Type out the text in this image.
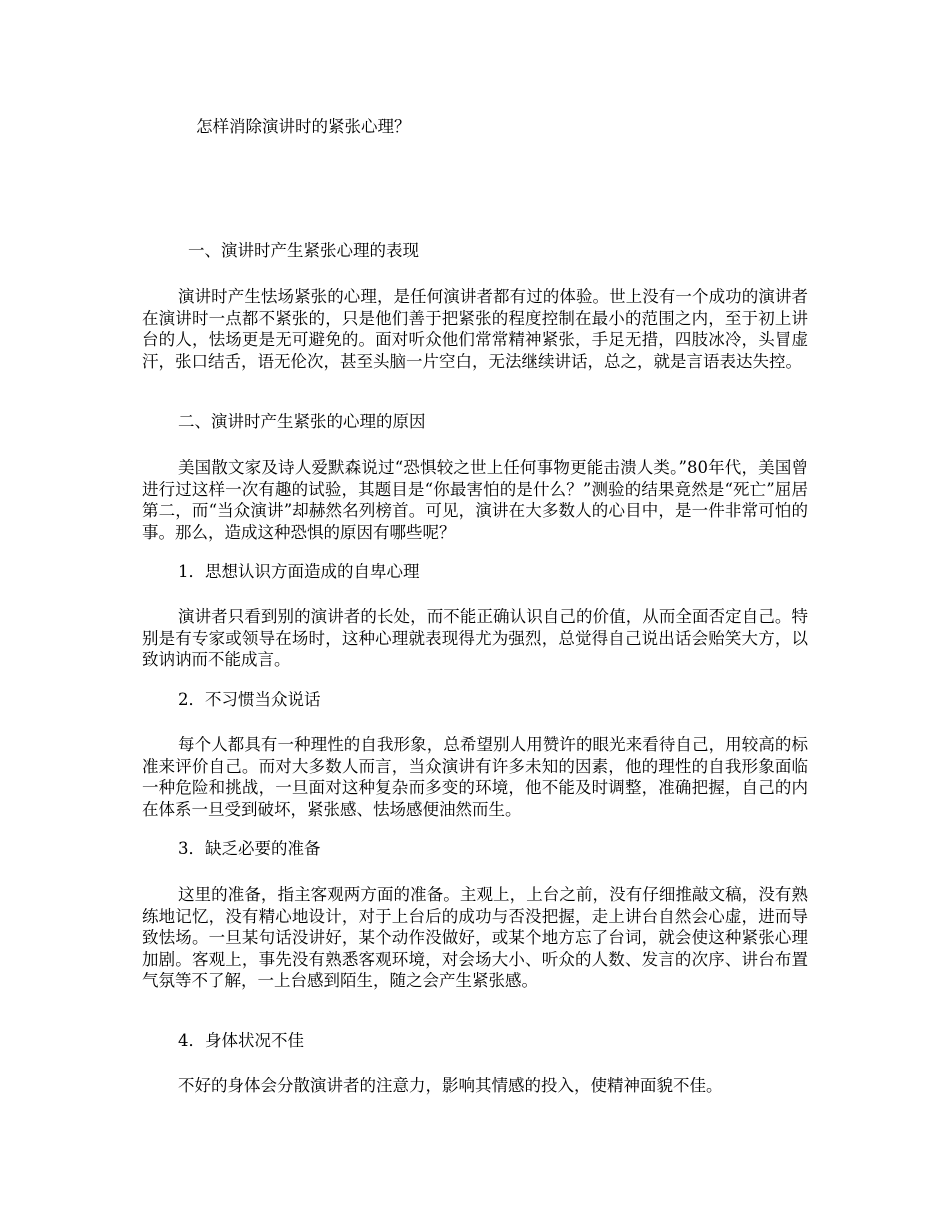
怎样消除演讲时的紧张心理？
一、演讲时产生紧张心理的表现
演讲时产生怯场紧张的心理，是任何演讲者都有过的体验。世上没有一个成功的演讲者在演讲时一点都不紧张的，只是他们善于把紧张的程度控制在最小的范围之内，至于初上讲台的人，怯场更是无可避免的。面对听众他们常常精神紧张，手足无措，四肢冰冷，头冒虚汗，张口结舌，语无伦次，甚至头脑一片空白，无法继续讲话，总之，就是言语表达失控。
二、演讲时产生紧张的心理的原因
美国散文家及诗人爱默森说过“恐惧较之世上任何事物更能击溃人类。”80年代，美国曾进行过这样一次有趣的试验，其题目是“你最害怕的是什么？”测验的结果竟然是“死亡”屈居第二，而“当众演讲”却赫然名列榜首。可见，演讲在大多数人的心目中，是一件非常可怕的事。那么，造成这种恐惧的原因有哪些呢？
1．思想认识方面造成的自卑心理
演讲者只看到别的演讲者的长处，而不能正确认识自己的价值，从而全面否定自己。特别是有专家或领导在场时，这种心理就表现得尤为强烈，总觉得自己说出话会贻笑大方，以致讷讷而不能成言。
2．不习惯当众说话
每个人都具有一种理性的自我形象，总希望别人用赞许的眼光来看待自己，用较高的标准来评价自己。而对大多数人而言，当众演讲有许多未知的因素，他的理性的自我形象面临一种危险和挑战，一旦面对这种复杂而多变的环境，他不能及时调整，准确把握，自己的内在体系一旦受到破坏，紧张感、怯场感便油然而生。
3．缺乏必要的准备
这里的准备，指主客观两方面的准备。主观上，上台之前，没有仔细推敲文稿，没有熟练地记忆，没有精心地设计，对于上台后的成功与否没把握，走上讲台自然会心虚，进而导致怯场。一旦某句话没讲好，某个动作没做好，或某个地方忘了台词，就会使这种紧张心理加剧。客观上，事先没有熟悉客观环境，对会场大小、听众的人数、发言的次序、讲台布置气氛等不了解，一上台感到陌生，随之会产生紧张感。
4．身体状况不佳
不好的身体会分散演讲者的注意力，影响其情感的投入，使精神面貌不佳。
